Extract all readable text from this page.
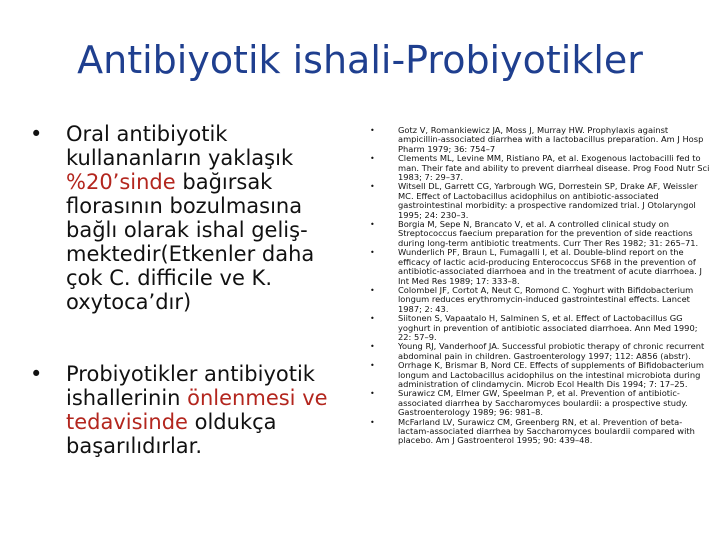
Antibiyotik ishali-Probiyotikler
• Oral antibiyotik kullananların yaklaşık %20’sinde bağırsak florasının bozulmasına bağlı olarak ishal geliş-mektedir(Etkenler daha çok C. difficile ve K. oxytoca’dır)
• Probiyotikler antibiyotik ishallerinin önlenmesi ve tedavisinde oldukça başarılıdırlar.
•	Gotz V, Romankiewicz JA, Moss J, Murray HW. Prophylaxis against ampicillin-associated diarrhea with a lactobacillus preparation. Am J Hosp Pharm 1979; 36: 754–7
•	Clements ML, Levine MM, Ristiano PA, et al. Exogenous lactobacilli fed to man. Their fate and ability to prevent diarrheal disease. Prog Food Nutr Sci 1983; 7: 29–37.
•	Witsell DL, Garrett CG, Yarbrough WG, Dorrestein SP, Drake AF, Weissler MC. Effect of Lactobacillus acidophilus on antibiotic-associated gastrointestinal morbidity: a prospective randomized trial. J Otolaryngol 1995; 24: 230–3.
•	Borgia M, Sepe N, Brancato V, et al. A controlled clinical study on Streptococcus faecium preparation for the prevention of side reactions during long-term antibiotic treatments. Curr Ther Res 1982; 31: 265–71.
•	Wunderlich PF, Braun L, Fumagalli I, et al. Double-blind report on the efficacy of lactic acid-producing Enterococcus SF68 in the prevention of antibiotic-associated diarrhoea and in the treatment of acute diarrhoea. J Int Med Res 1989; 17: 333–8.
•	Colombel JF, Cortot A, Neut C, Romond C. Yoghurt with Bifidobacterium longum reduces erythromycin-induced gastrointestinal effects. Lancet 1987; 2: 43.
•	Siitonen S, Vapaatalo H, Salminen S, et al. Effect of Lactobacillus GG yoghurt in prevention of antibiotic associated diarrhoea. Ann Med 1990; 22: 57–9.
•	Young RJ, Vanderhoof JA. Successful probiotic therapy of chronic recurrent abdominal pain in children. Gastroenterology 1997; 112: A856 (abstr).
•	Orrhage K, Brismar B, Nord CE. Effects of supplements of Bifidobacterium longum and Lactobacillus acidophilus on the intestinal microbiota during administration of clindamycin. Microb Ecol Health Dis 1994; 7: 17–25.
•	Surawicz CM, Elmer GW, Speelman P, et al. Prevention of antibiotic-associated diarrhea by Saccharomyces boulardii: a prospective study. Gastroenterology 1989; 96: 981–8.
•	McFarland LV, Surawicz CM, Greenberg RN, et al. Prevention of beta-lactam-associated diarrhea by Saccharomyces boulardii compared with placebo. Am J Gastroenterol 1995; 90: 439–48.
